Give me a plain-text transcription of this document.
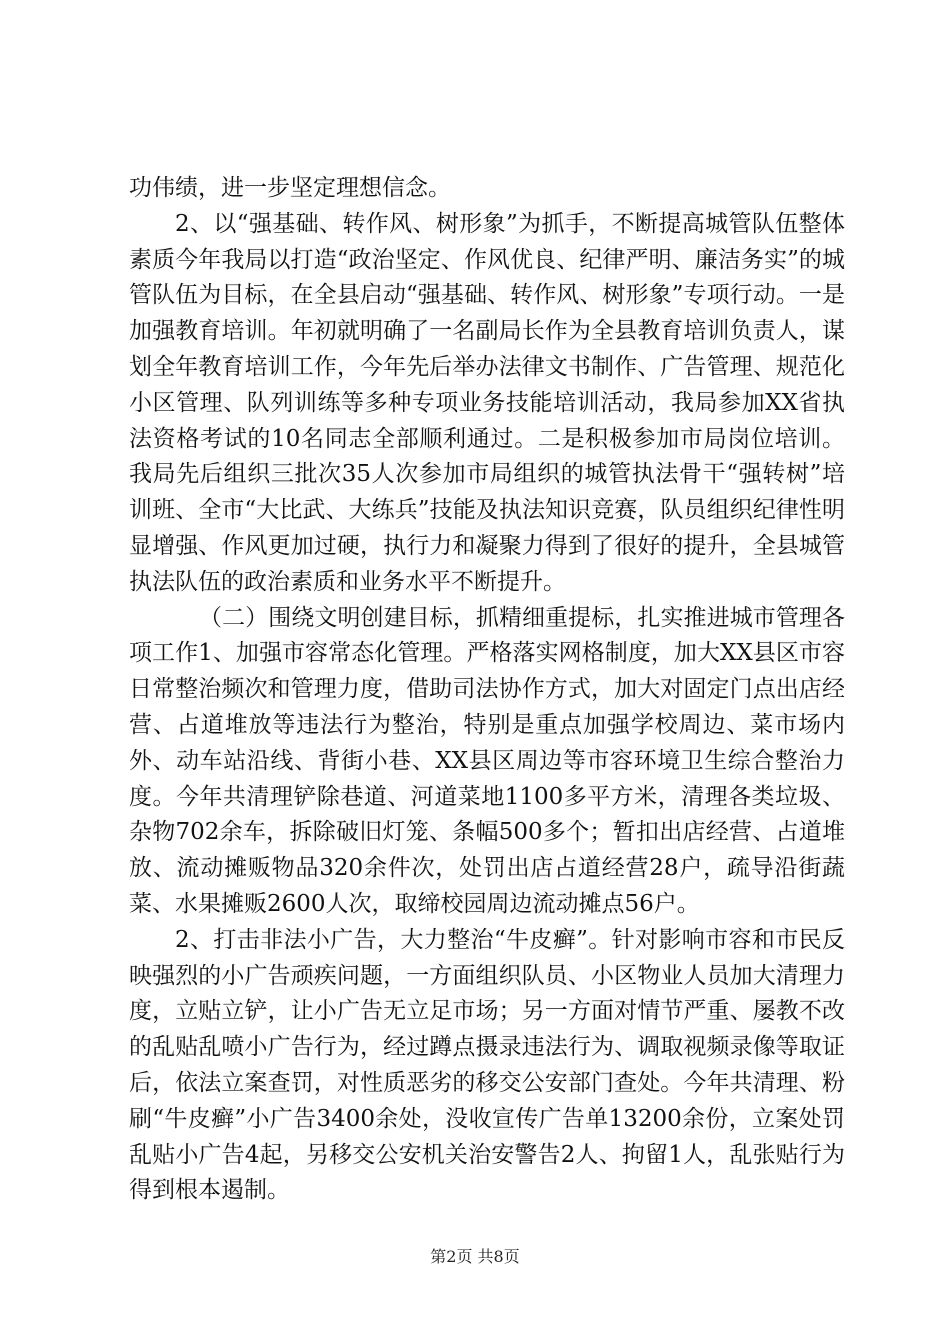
功伟绩，进一步坚定理想信念。

2、以“强基础、转作风、树形象”为抓手，不断提高城管队伍整体素质今年我局以打造“政治坚定、作风优良、纪律严明、廉洁务实”的城管队伍为目标，在全县启动“强基础、转作风、树形象”专项行动。一是加强教育培训。年初就明确了一名副局长作为全县教育培训负责人，谋划全年教育培训工作，今年先后举办法律文书制作、广告管理、规范化小区管理、队列训练等多种专项业务技能培训活动，我局参加XX省执法资格考试的10名同志全部顺利通过。二是积极参加市局岗位培训。我局先后组织三批次35人次参加市局组织的城管执法骨干“强转树”培训班、全市“大比武、大练兵”技能及执法知识竞赛，队员组织纪律性明显增强、作风更加过硬，执行力和凝聚力得到了很好的提升，全县城管执法队伍的政治素质和业务水平不断提升。

（二）围绕文明创建目标，抓精细重提标，扎实推进城市管理各项工作1、加强市容常态化管理。严格落实网格制度，加大XX县区市容日常整治频次和管理力度，借助司法协作方式，加大对固定门点出店经营、占道堆放等违法行为整治，特别是重点加强学校周边、菜市场内外、动车站沿线、背街小巷、XX县区周边等市容环境卫生综合整治力度。今年共清理铲除巷道、河道菜地1100多平方米，清理各类垃圾、杂物702余车，拆除破旧灯笼、条幅500多个；暂扣出店经营、占道堆放、流动摊贩物品320余件次，处罚出店占道经营28户，疏导沿街蔬菜、水果摊贩2600人次，取缔校园周边流动摊点56户。

2、打击非法小广告，大力整治“牛皮癣”。针对影响市容和市民反映强烈的小广告顽疾问题，一方面组织队员、小区物业人员加大清理力度，立贴立铲，让小广告无立足市场；另一方面对情节严重、屡教不改的乱贴乱喷小广告行为，经过蹲点摄录违法行为、调取视频录像等取证后，依法立案查罚，对性质恶劣的移交公安部门查处。今年共清理、粉刷“牛皮癣”小广告3400余处，没收宣传广告单13200余份，立案处罚乱贴小广告4起，另移交公安机关治安警告2人、拘留1人，乱张贴行为得到根本遏制。

第2页 共8页
